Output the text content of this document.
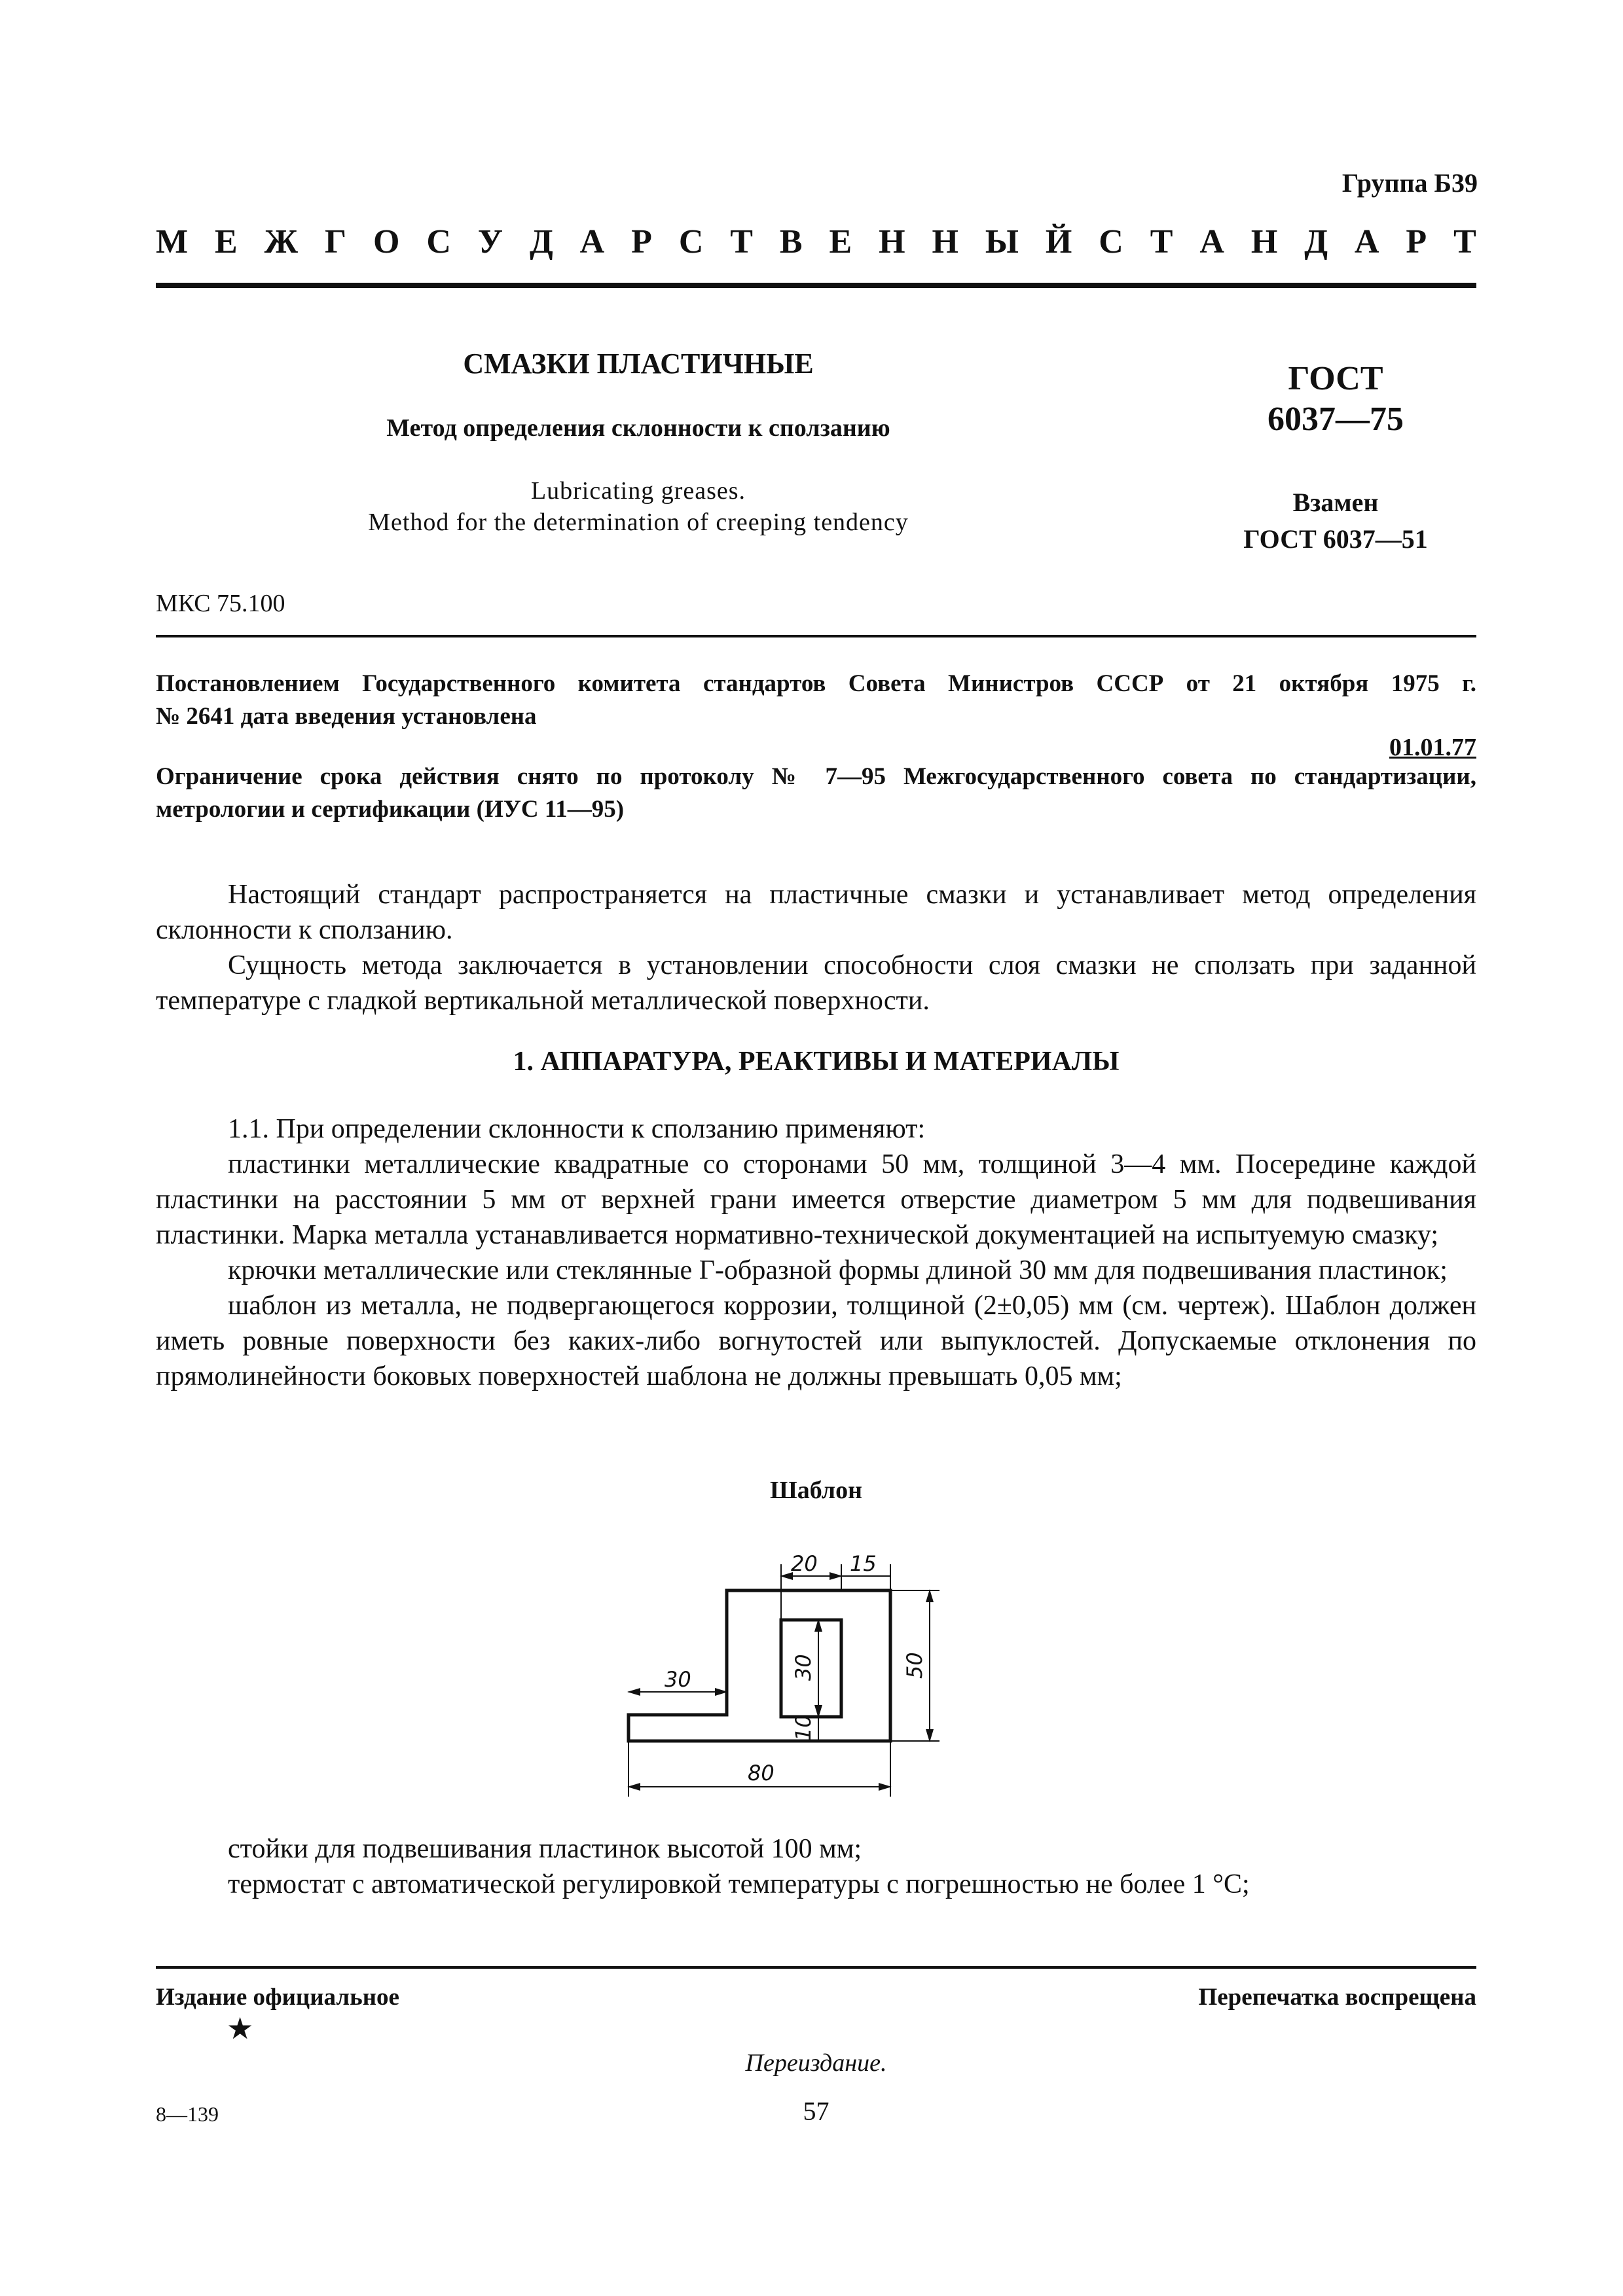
Группа Б39
М Е Ж Г О С У Д А Р С Т В Е Н Н Ы Й С Т А Н Д А Р Т
СМАЗКИ ПЛАСТИЧНЫЕ
Метод определения склонности к сползанию
Lubricating greases.
Method for the determination of creeping tendency
ГОСТ
6037—75
Взамен
ГОСТ 6037—51
МКС 75.100
Постановлением Государственного комитета стандартов Совета Министров СССР от 21 октября 1975 г.
№ 2641 дата введения установлена
01.01.77
Ограничение срока действия снято по протоколу № 7—95 Межгосударственного совета по стандартизации,
метрологии и сертификации (ИУС 11—95)

Настоящий стандарт распространяется на пластичные смазки и устанавливает метод определения склонности к сползанию.

Сущность метода заключается в установлении способности слоя смазки не сползать при заданной температуре с гладкой вертикальной металлической поверхности.

1. АППАРАТУРА, РЕАКТИВЫ И МАТЕРИАЛЫ

1.1. При определении склонности к сползанию применяют:

пластинки металлические квадратные со сторонами 50 мм, толщиной 3—4 мм. Посередине каждой пластинки на расстоянии 5 мм от верхней грани имеется отверстие диаметром 5 мм для подвешивания пластинки. Марка металла устанавливается нормативно-технической документацией на испытуемую смазку;

крючки металлические или стеклянные Г-образной формы длиной 30 мм для подвешивания пластинок;

шаблон из металла, не подвергающегося коррозии, толщиной (2±0,05) мм (см. чертеж). Шаблон должен иметь ровные поверхности без каких-либо вогнутостей или выпуклостей. Допускаемые отклонения по прямолинейности боковых поверхностей шаблона не должны превышать 0,05 мм;

Шаблон
20 15
30	30
10
50
80

стойки для подвешивания пластинок высотой 100 мм;

термостат с автоматической регулировкой температуры с погрешностью не более 1 °C;

Издание официальное
★
Перепечатка воспрещена
Переиздание.
8—139	57
